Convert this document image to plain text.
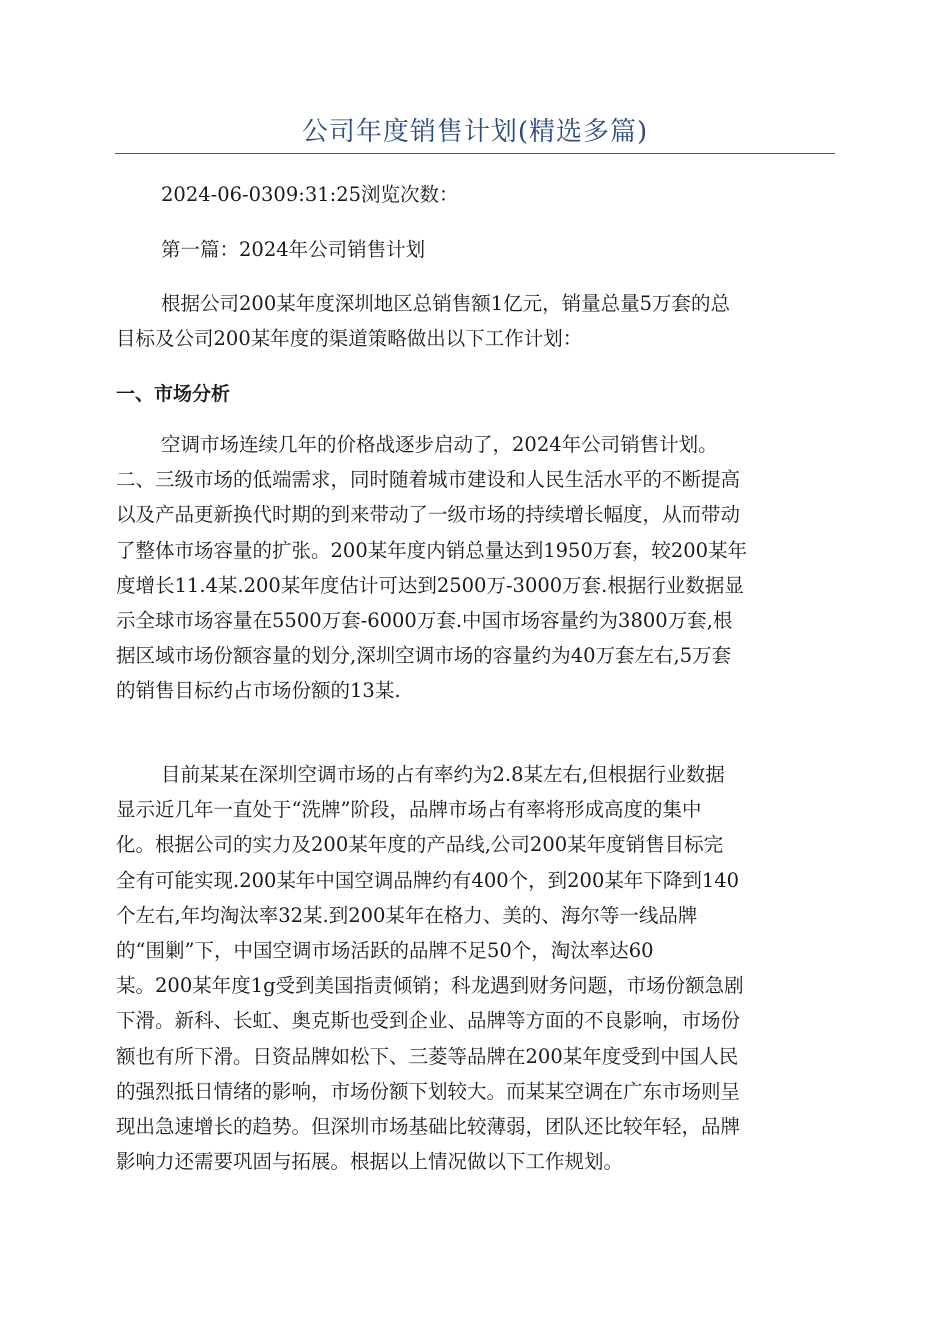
公司年度销售计划(精选多篇)

2024-06-0309:31:25浏览次数：

第一篇：2024年公司销售计划

根据公司200某年度深圳地区总销售额1亿元，销量总量5万套的总
目标及公司200某年度的渠道策略做出以下工作计划：

一、市场分析

空调市场连续几年的价格战逐步启动了，2024年公司销售计划。
二、三级市场的低端需求，同时随着城市建设和人民生活水平的不断提高
以及产品更新换代时期的到来带动了一级市场的持续增长幅度，从而带动
了整体市场容量的扩张。200某年度内销总量达到1950万套，较200某年
度增长11.4某.200某年度估计可达到2500万-3000万套.根据行业数据显
示全球市场容量在5500万套-6000万套.中国市场容量约为3800万套,根
据区域市场份额容量的划分,深圳空调市场的容量约为40万套左右,5万套
的销售目标约占市场份额的13某.
目前某某在深圳空调市场的占有率约为2.8某左右,但根据行业数据
显示近几年一直处于“洗牌”阶段，品牌市场占有率将形成高度的集中
化。根据公司的实力及200某年度的产品线,公司200某年度销售目标完
全有可能实现.200某年中国空调品牌约有400个，到200某年下降到140
个左右,年均淘汰率32某.到200某年在格力、美的、海尔等一线品牌
的“围剿”下，中国空调市场活跃的品牌不足50个，淘汰率达60
某。200某年度1g受到美国指责倾销；科龙遇到财务问题，市场份额急剧
下滑。新科、长虹、奥克斯也受到企业、品牌等方面的不良影响，市场份
额也有所下滑。日资品牌如松下、三菱等品牌在200某年度受到中国人民
的强烈抵日情绪的影响，市场份额下划较大。而某某空调在广东市场则呈
现出急速增长的趋势。但深圳市场基础比较薄弱，团队还比较年轻，品牌
影响力还需要巩固与拓展。根据以上情况做以下工作规划。
